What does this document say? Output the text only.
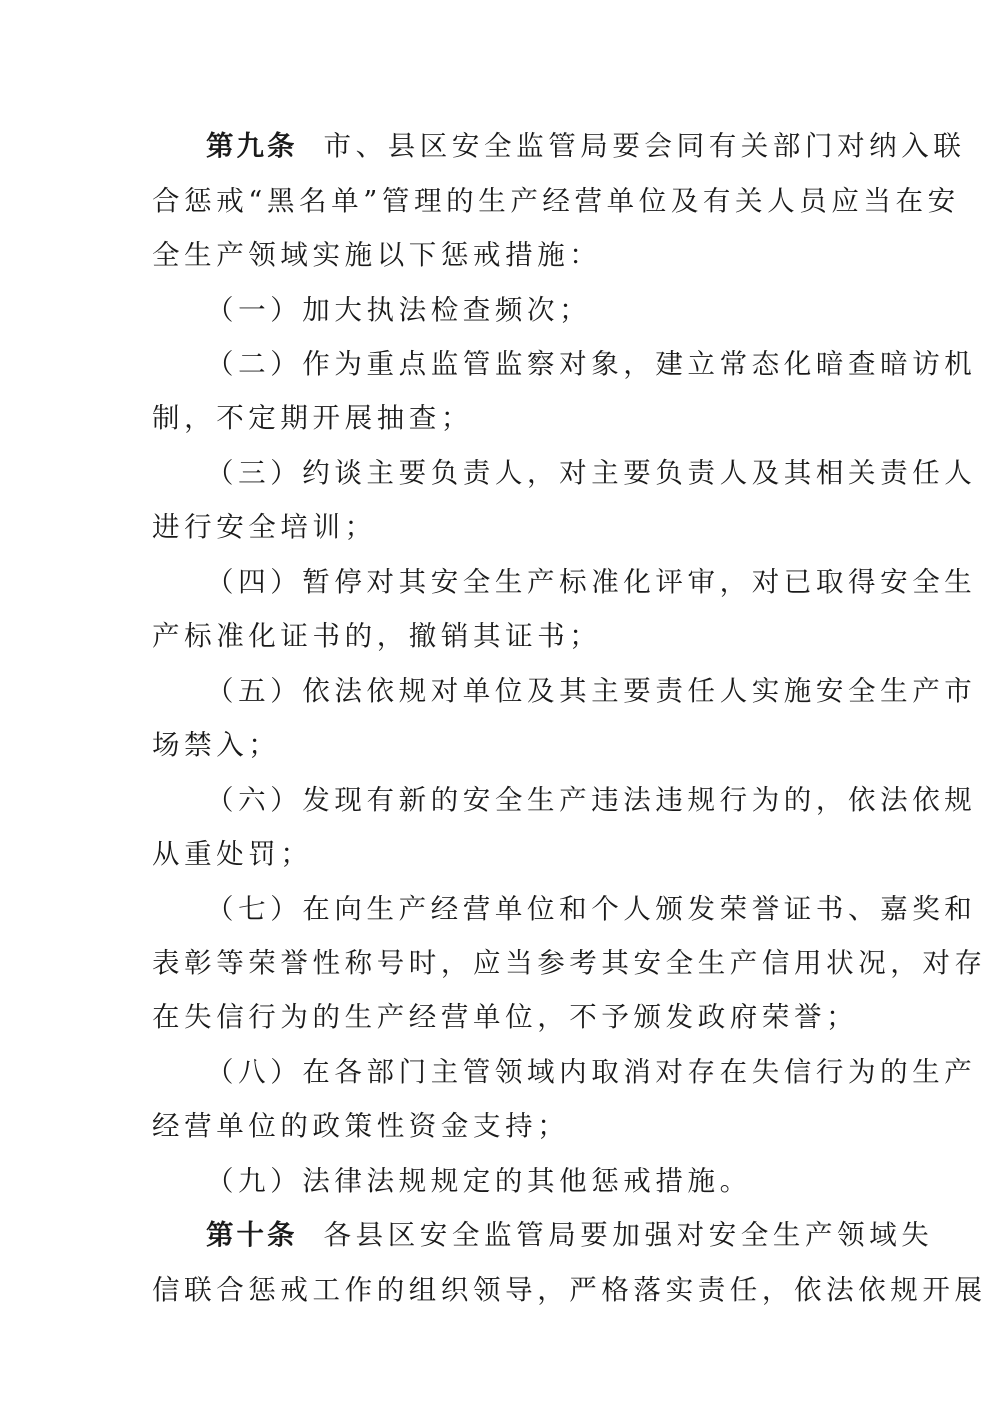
第九条 市、县区安全监管局要会同有关部门对纳入联
合惩戒“黑名单”管理的生产经营单位及有关人员应当在安
全生产领域实施以下惩戒措施：
（一）加大执法检查频次；
（二）作为重点监管监察对象，建立常态化暗查暗访机
制，不定期开展抽查；
（三）约谈主要负责人，对主要负责人及其相关责任人
进行安全培训；
（四）暂停对其安全生产标准化评审，对已取得安全生
产标准化证书的，撤销其证书；
（五）依法依规对单位及其主要责任人实施安全生产市
场禁入；
（六）发现有新的安全生产违法违规行为的，依法依规
从重处罚；
（七）在向生产经营单位和个人颁发荣誉证书、嘉奖和
表彰等荣誉性称号时，应当参考其安全生产信用状况，对存
在失信行为的生产经营单位，不予颁发政府荣誉；
（八）在各部门主管领域内取消对存在失信行为的生产
经营单位的政策性资金支持；
（九）法律法规规定的其他惩戒措施。
第十条 各县区安全监管局要加强对安全生产领域失
信联合惩戒工作的组织领导，严格落实责任，依法依规开展
